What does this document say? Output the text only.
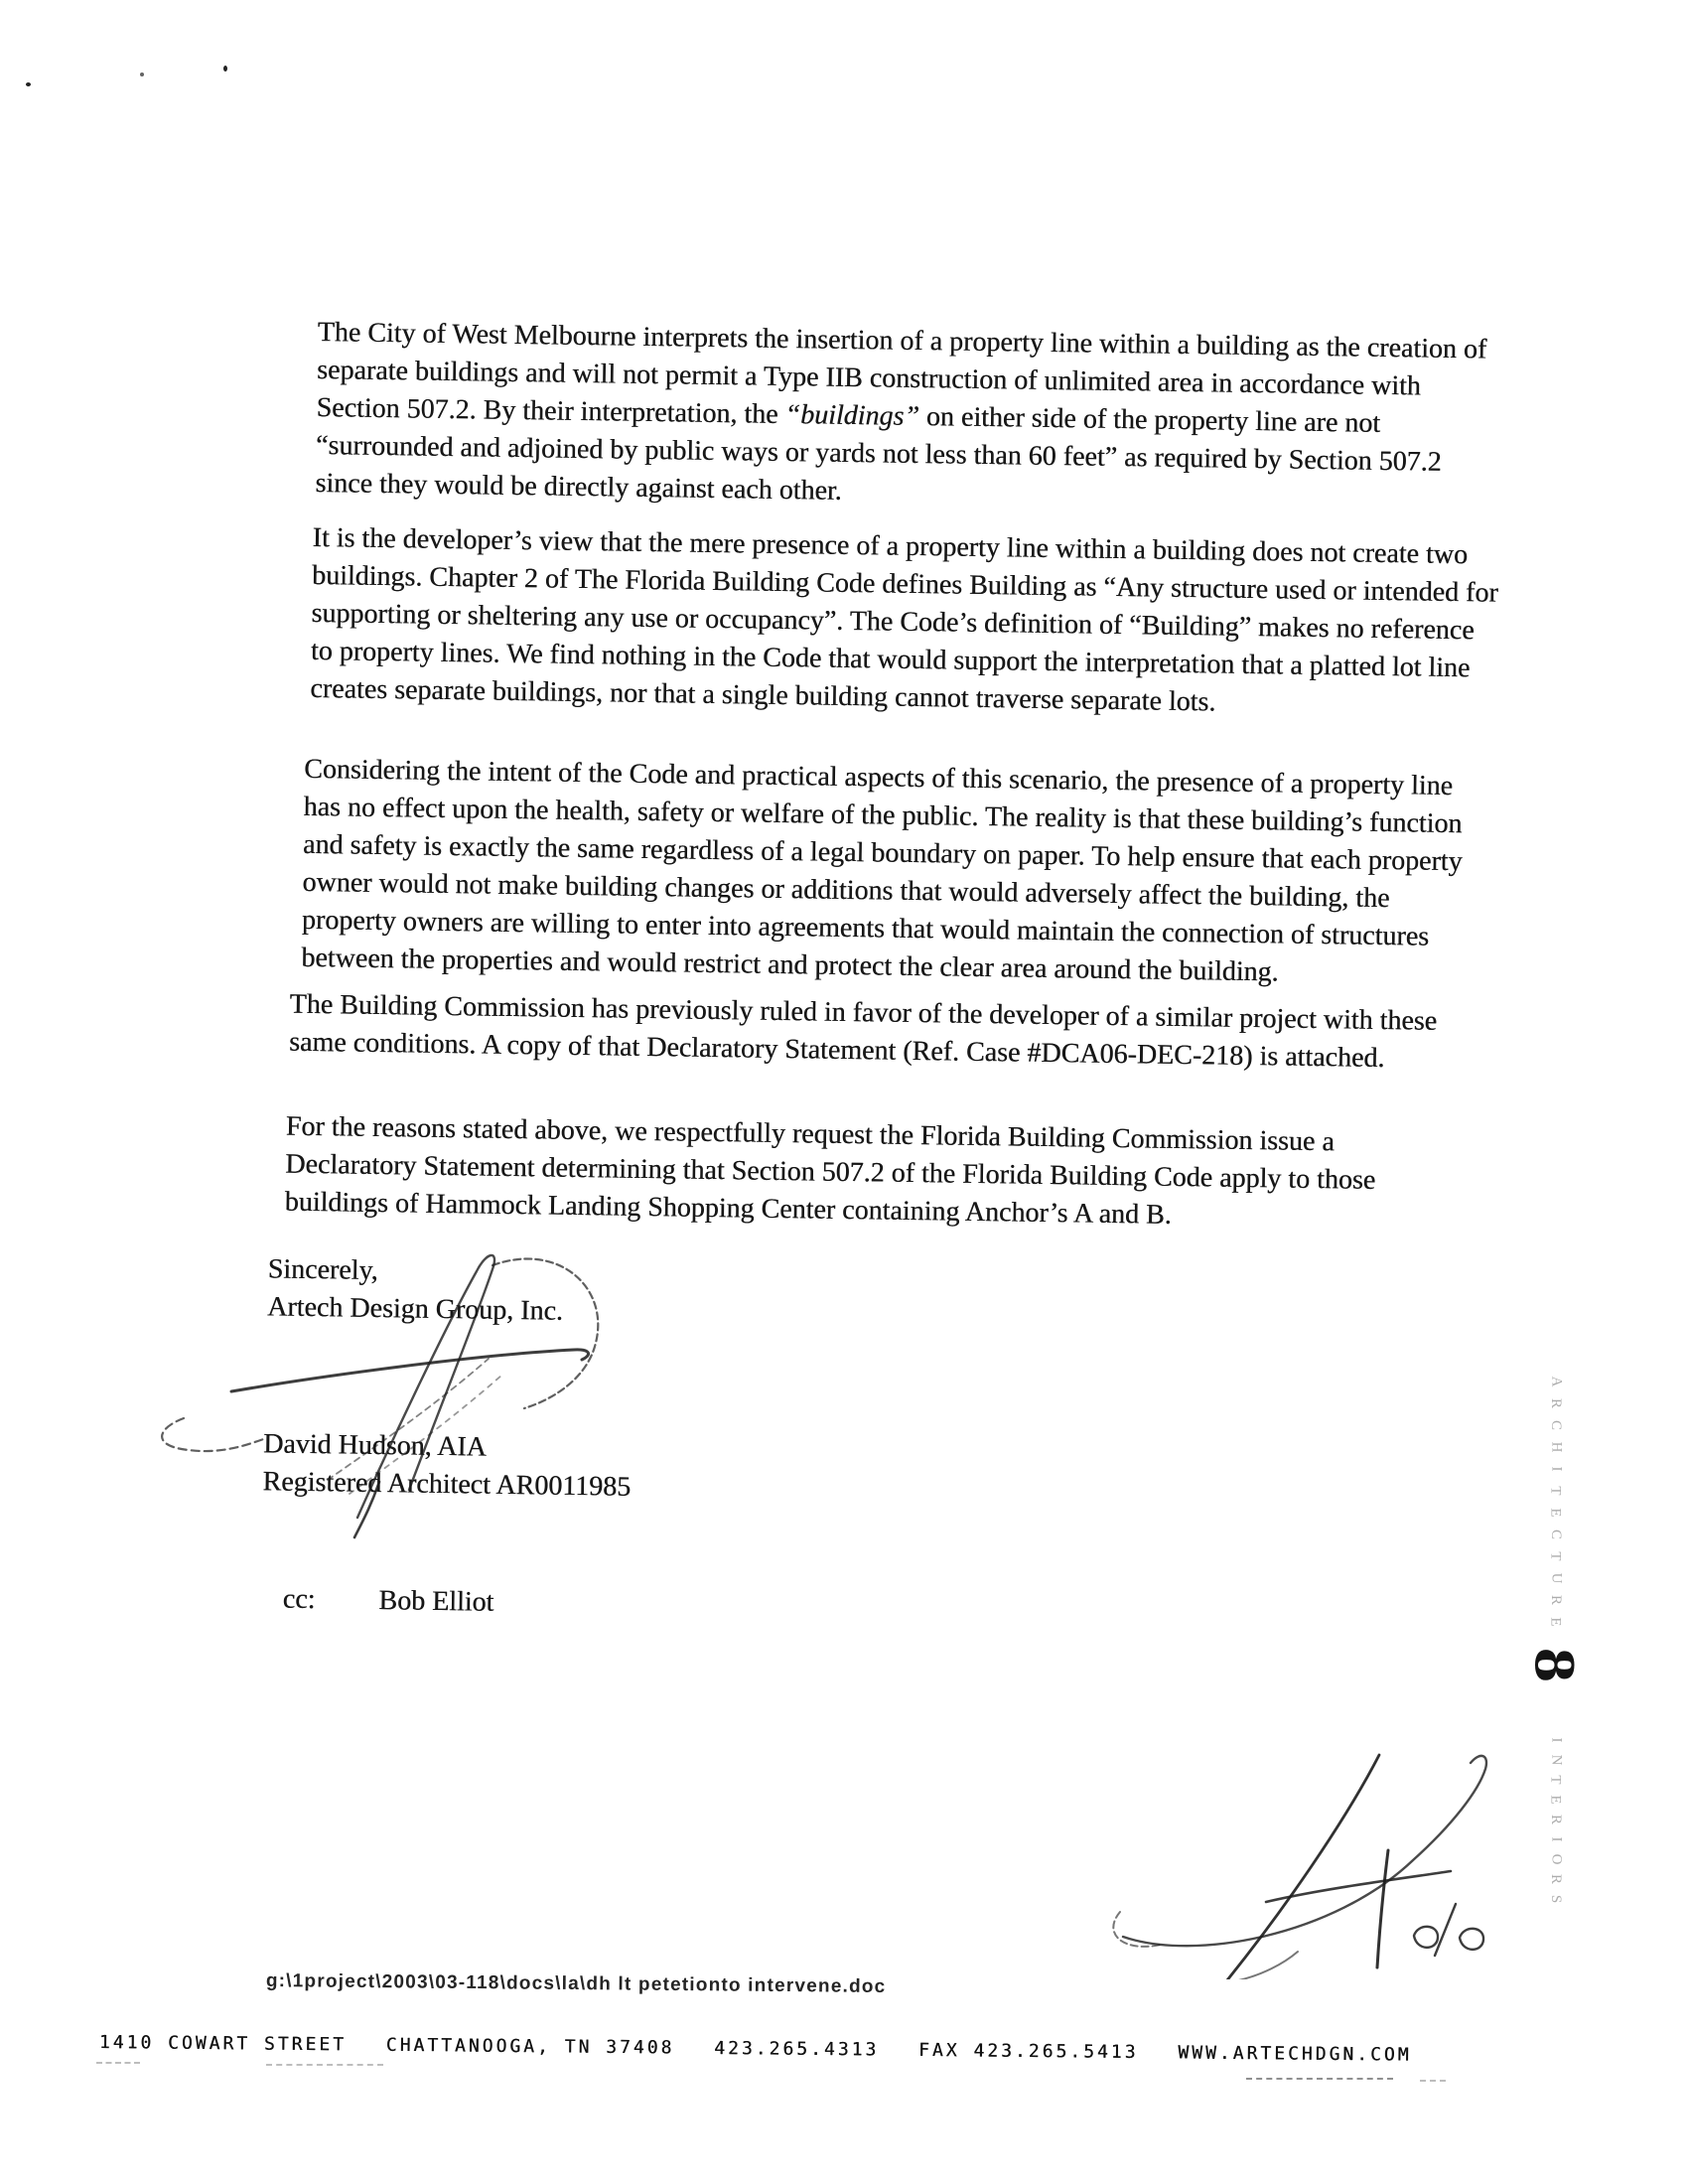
The City of West Melbourne interprets the insertion of a property line within a building as the creation of separate buildings and will not permit a Type IIB construction of unlimited area in accordance with Section 507.2. By their interpretation, the “buildings” on either side of the property line are not “surrounded and adjoined by public ways or yards not less than 60 feet” as required by Section 507.2 since they would be directly against each other.

It is the developer’s view that the mere presence of a property line within a building does not create two buildings. Chapter 2 of The Florida Building Code defines Building as “Any structure used or intended for supporting or sheltering any use or occupancy”. The Code’s definition of “Building” makes no reference to property lines. We find nothing in the Code that would support the interpretation that a platted lot line creates separate buildings, nor that a single building cannot traverse separate lots.

Considering the intent of the Code and practical aspects of this scenario, the presence of a property line has no effect upon the health, safety or welfare of the public. The reality is that these building’s function and safety is exactly the same regardless of a legal boundary on paper. To help ensure that each property owner would not make building changes or additions that would adversely affect the building, the property owners are willing to enter into agreements that would maintain the connection of structures between the properties and would restrict and protect the clear area around the building.

The Building Commission has previously ruled in favor of the developer of a similar project with these same conditions. A copy of that Declaratory Statement (Ref. Case #DCA06-DEC-218) is attached.

For the reasons stated above, we respectfully request the Florida Building Commission issue a Declaratory Statement determining that Section 507.2 of the Florida Building Code apply to those buildings of Hammock Landing Shopping Center containing Anchor’s A and B.

Sincerely,
Artech Design Group, Inc.
David Hudson, AIA
Registered Architect AR0011985
cc: Bob Elliot
A
R
C
H
I
T
E
C
T
U
R
E
8
I
N
T
E
R
I
O
R
S
g:\1project\2003\03-118\docs\la\dh lt petetionto intervene.doc
1410 COWART STREET CHATTANOOGA, TN 37408 423.265.4313 FAX 423.265.5413 WWW.ARTECHDGN.COM
